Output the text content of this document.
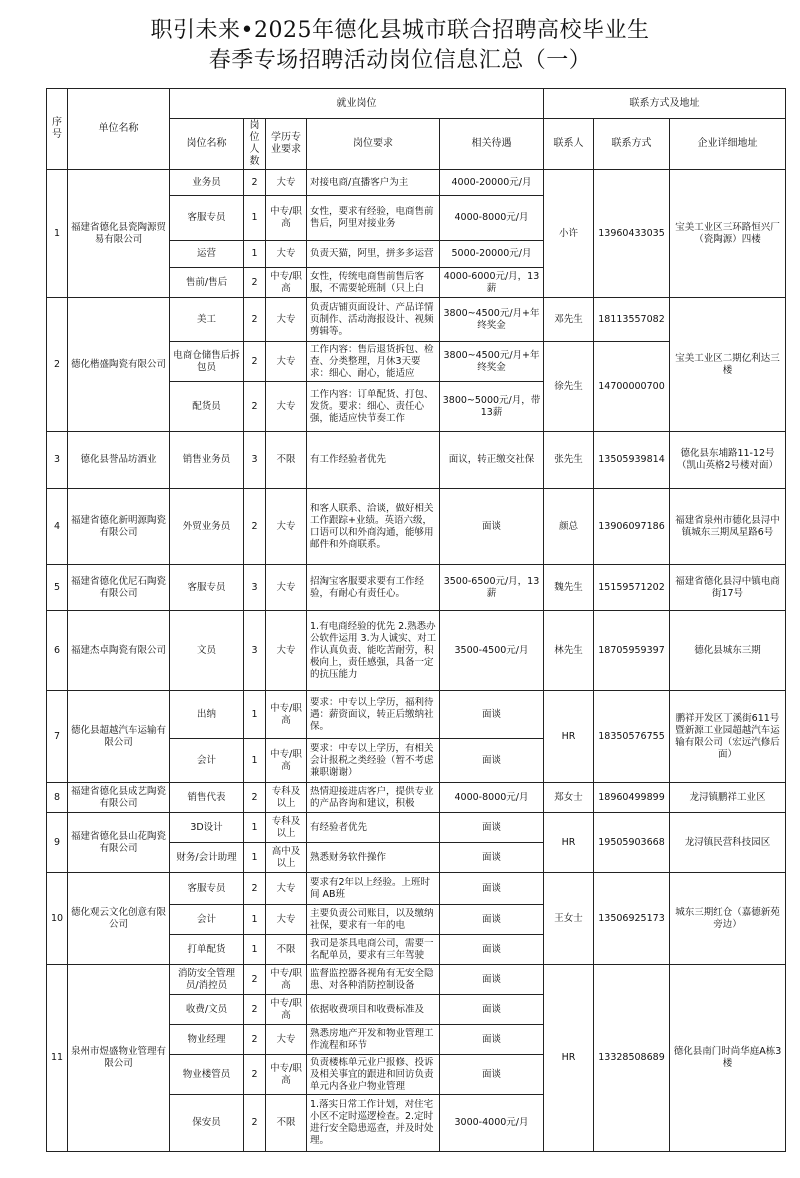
职引未来•2025年德化县城市联合招聘高校毕业生
春季专场招聘活动岗位信息汇总（一）
序号	单位名称	就业岗位					联系方式及地址		
		岗位名称	岗位人数	学历专业要求	岗位要求	相关待遇	联系人	联系方式	企业详细地址
1	福建省德化县瓷陶源贸易有限公司	业务员	2	大专	对接电商/直播客户为主	4000-20000元/月	小许	13960433035	宝美工业区三环路恒兴厂（瓷陶源）四楼
		客服专员	1	中专/职高	女性，要求有经验，电商售前售后，阿里对接业务	4000-8000元/月			
		运营	1	大专	负责天猫，阿里，拼多多运营	5000-20000元/月			
		售前/售后	2	中专/职高	女性，传统电商售前售后客服，不需要轮班制（只上白	4000-6000元/月，13薪			
2	德化楷盛陶瓷有限公司	美工	2	大专	负责店铺页面设计、产品详情页制作、活动海报设计、视频剪辑等。	3800~4500元/月+年终奖金	邓先生	18113557082	宝美工业区二期亿利达三楼
		电商仓储售后拆包员	2	大专	工作内容：售后退货拆包、检查、分类整理，月休3天要求：细心、耐心，能适应	3800~4500元/月+年终奖金	徐先生	14700000700	
		配货员	2	大专	工作内容：订单配货、打包、发货。要求：细心、责任心强，能适应快节奏工作	3800~5000元/月，带13薪			
3	德化县誉品坊酒业	销售业务员	3	不限	有工作经验者优先	面议，转正缴交社保	张先生	13505939814	德化县东埔路11-12号（凯山英格2号楼对面）
4	福建省德化新明源陶瓷有限公司	外贸业务员	2	大专	和客人联系、洽谈，做好相关工作跟踪+业绩。英语六级，口语可以和外商沟通，能够用邮件和外商联系。	面谈	颜总	13906097186	福建省泉州市德化县浔中镇城东三期凤星路6号
5	福建省德化优尼石陶瓷有限公司	客服专员	3	大专	招淘宝客服要求要有工作经验，有耐心有责任心。	3500-6500元/月，13薪	魏先生	15159571202	福建省德化县浔中镇电商街17号
6	福建杰卓陶瓷有限公司	文员	3	大专	1.有电商经验的优先 2.熟悉办公软件运用 3.为人诚实、对工作认真负责、能吃苦耐劳，积极向上，责任感强，具备一定的抗压能力	3500-4500元/月	林先生	18705959397	德化县城东三期
7	德化县超越汽车运输有限公司	出纳	1	中专/职高	要求：中专以上学历，福利待遇：薪资面议，转正后缴纳社保。	面谈	HR	18350576755	鹏祥开发区丁溪街611号暨新源工业园超越汽车运输有限公司（宏远汽修后面）
		会计	1	中专/职高	要求：中专以上学历，有相关会计报税之类经验（暂不考虑兼职谢谢）	面谈			
8	福建省德化县成艺陶瓷有限公司	销售代表	2	专科及以上	热情迎接进店客户，提供专业的产品咨询和建议，积极	4000-8000元/月	郑女士	18960499899	龙浔镇鹏祥工业区
9	福建省德化县山花陶瓷有限公司	3D设计	1	专科及以上	有经验者优先	面谈	HR	19505903668	龙浔镇民营科技园区
		财务/会计助理	1	高中及以上	熟悉财务软件操作	面谈			
10	德化观云文化创意有限公司	客服专员	2	大专	要求有2年以上经验。上班时间 AB班	面谈	王女士	13506925173	城东三期红仓（嘉德新苑旁边）
		会计	1	大专	主要负责公司账目，以及缴纳社保，要求有一年的电	面谈			
		打单配货	1	不限	我司是茶具电商公司，需要一名配单员，要求有三年驾驶	面谈			
11	泉州市煜盛物业管理有限公司	消防安全管理员/消控员	2	中专/职高	监督监控器各视角有无安全隐患、对各种消防控制设备	面谈	HR	13328508689	德化县南门时尚华庭A栋3楼
		收费/文员	2	中专/职高	依据收费项目和收费标准及	面谈			
		物业经理	2	大专	熟悉房地产开发和物业管理工作流程和环节	面谈			
		物业楼管员	2	中专/职高	负责楼栋单元业户报修、投诉及相关事宜的跟进和回访负责单元内各业户物业管理	面谈			
		保安员	2	不限	1.落实日常工作计划，对住宅小区不定时巡逻检查。2.定时进行安全隐患巡查，并及时处理。	3000-4000元/月			
